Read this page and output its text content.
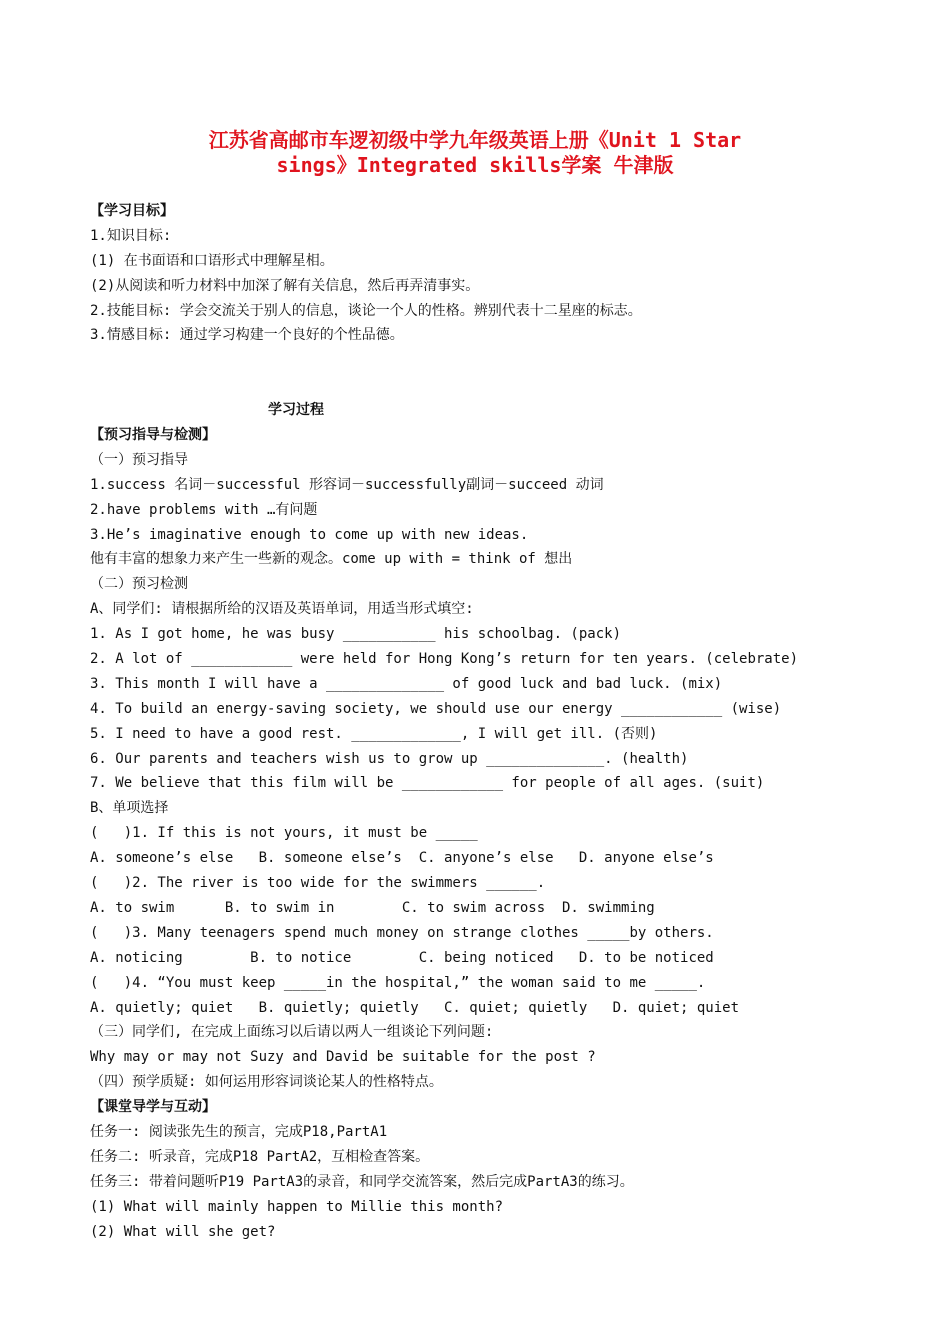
江苏省高邮市车逻初级中学九年级英语上册《Unit 1 Star
sings》Integrated skills学案 牛津版
【学习目标】
1.知识目标:
(1) 在书面语和口语形式中理解星相。
(2)从阅读和听力材料中加深了解有关信息，然后再弄清事实。
2.技能目标: 学会交流关于别人的信息，谈论一个人的性格。辨别代表十二星座的标志。
3.情感目标: 通过学习构建一个良好的个性品德。
学习过程
【预习指导与检测】
（一）预习指导
1.success 名词－successful 形容词－successfully副词－succeed 动词
2.have problems with …有问题
3.He’s imaginative enough to come up with new ideas.
他有丰富的想象力来产生一些新的观念。come up with = think of 想出
（二）预习检测
A、同学们: 请根据所给的汉语及英语单词，用适当形式填空:
1. As I got home, he was busy ___________ his schoolbag. (pack)
2. A lot of ____________ were held for Hong Kong’s return for ten years. (celebrate)
3. This month I will have a ______________ of good luck and bad luck. (mix)
4. To build an energy-saving society, we should use our energy ____________ (wise)
5. I need to have a good rest. _____________, I will get ill. (否则)
6. Our parents and teachers wish us to grow up ______________. (health)
7. We believe that this film will be ____________ for people of all ages. (suit)
B、单项选择
(   )1. If this is not yours, it must be _____
A. someone’s else   B. someone else’s  C. anyone’s else   D. anyone else’s
(   )2. The river is too wide for the swimmers ______.
A. to swim      B. to swim in        C. to swim across  D. swimming
(   )3. Many teenagers spend much money on strange clothes _____by others.
A. noticing        B. to notice        C. being noticed   D. to be noticed
(   )4. “You must keep _____in the hospital,” the woman said to me _____.
A. quietly; quiet   B. quietly; quietly   C. quiet; quietly   D. quiet; quiet
（三）同学们, 在完成上面练习以后请以两人一组谈论下列问题:
Why may or may not Suzy and David be suitable for the post ?
（四）预学质疑: 如何运用形容词谈论某人的性格特点。
【课堂导学与互动】
任务一: 阅读张先生的预言，完成P18,PartA1
任务二: 听录音，完成P18 PartA2，互相检查答案。
任务三: 带着问题听P19 PartA3的录音，和同学交流答案，然后完成PartA3的练习。
(1) What will mainly happen to Millie this month?
(2) What will she get?
